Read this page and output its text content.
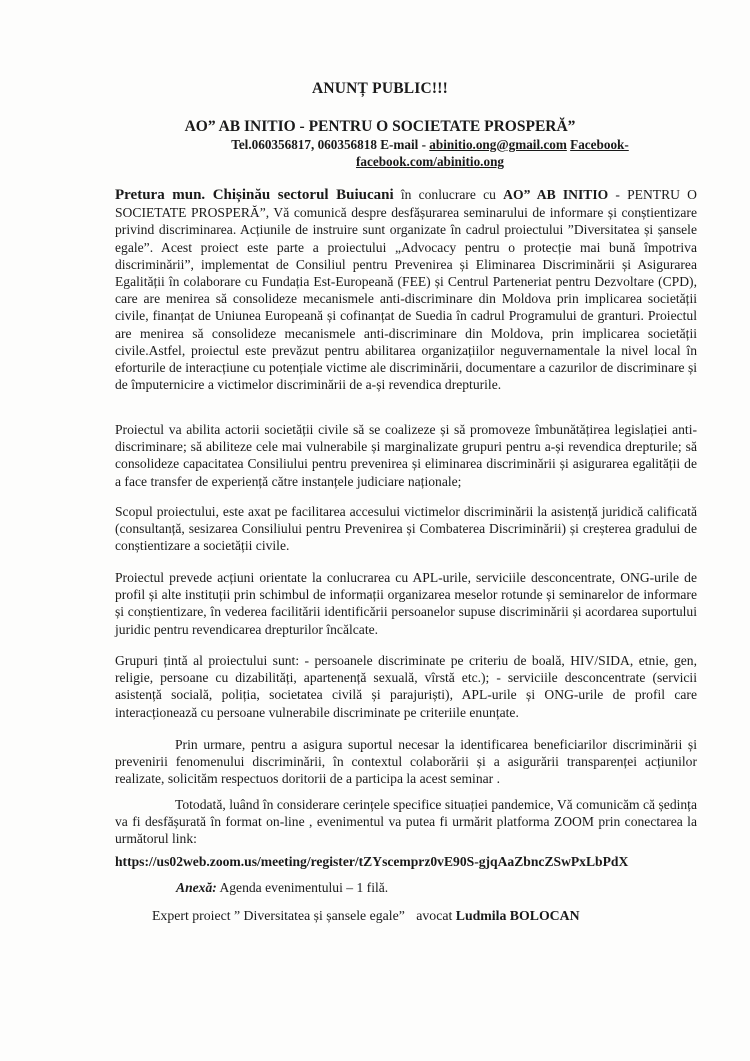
ANUNȚ PUBLIC!!!
AO” AB INITIO - PENTRU O SOCIETATE PROSPERĂ”
Tel.060356817, 060356818 E-mail - abinitio.ong@gmail.com Facebook-
facebook.com/abinitio.ong
Pretura mun. Chișinău sectorul Buiucani în conlucrare cu AO” AB INITIO - PENTRU O SOCIETATE PROSPERĂ”, Vă comunică despre desfășurarea seminarului de informare și conștientizare privind discriminarea. Acțiunile de instruire sunt organizate în cadrul proiectului ”Diversitatea și șansele egale”. Acest proiect este parte a proiectului „Advocacy pentru o protecție mai bună împotriva discriminării”, implementat de Consiliul pentru Prevenirea și Eliminarea Discriminării și Asigurarea Egalității în colaborare cu Fundația Est-Europeană (FEE) și Centrul Parteneriat pentru Dezvoltare (CPD), care are menirea să consolideze mecanismele anti-discriminare din Moldova prin implicarea societății civile, finanțat de Uniunea Europeană și cofinanțat de Suedia în cadrul Programului de granturi. Proiectul are menirea să consolideze mecanismele anti-discriminare din Moldova, prin implicarea societății civile.Astfel, proiectul este prevăzut pentru abilitarea organizațiilor neguvernamentale la nivel local în eforturile de interacțiune cu potențiale victime ale discriminării, documentare a cazurilor de discriminare și de împuternicire a victimelor discriminării de a-și revendica drepturile.
Proiectul va abilita actorii societății civile să se coalizeze și să promoveze îmbunătățirea legislației anti-discriminare; să abiliteze cele mai vulnerabile și marginalizate grupuri pentru a-și revendica drepturile; să consolideze capacitatea Consiliului pentru prevenirea și eliminarea discriminării și asigurarea egalității de a face transfer de experiență către instanțele judiciare naționale;
Scopul proiectului, este axat pe facilitarea accesului victimelor discriminării la asistență juridică calificată (consultanță, sesizarea Consiliului pentru Prevenirea și Combaterea Discriminării) și creșterea gradului de conștientizare a societății civile.
Proiectul prevede acțiuni orientate la conlucrarea cu APL-urile, serviciile desconcentrate, ONG-urile de profil și alte instituții prin schimbul de informații organizarea meselor rotunde și seminarelor de informare și conștientizare, în vederea facilitării identificării persoanelor supuse discriminării și acordarea suportului juridic pentru revendicarea drepturilor încălcate.
Grupuri țintă al proiectului sunt: - persoanele discriminate pe criteriu de boală, HIV/SIDA, etnie, gen, religie, persoane cu dizabilități, apartenență sexuală, vîrstă etc.); - serviciile desconcentrate (servicii asistență socială, poliția, societatea civilă și parajuriști), APL-urile și ONG-urile de profil care interacționează cu persoane vulnerabile discriminate pe criteriile enunțate.
Prin urmare, pentru a asigura suportul necesar la identificarea beneficiarilor discriminării și prevenirii fenomenului discriminării, în contextul colaborării și a asigurării transparenței acțiunilor realizate, solicităm respectuos doritorii de a participa la acest seminar .
Totodată, luând în considerare cerințele specifice situației pandemice, Vă comunicăm că ședința va fi desfășurată în format on-line , evenimentul va putea fi urmărit platforma ZOOM prin conectarea la următorul link:
https://us02web.zoom.us/meeting/register/tZYscemprz0vE90S-gjqAaZbncZSwPxLbPdX
Anexă: Agenda evenimentului – 1 filă.
Expert proiect ” Diversitatea și șansele egale” avocat Ludmila BOLOCAN
